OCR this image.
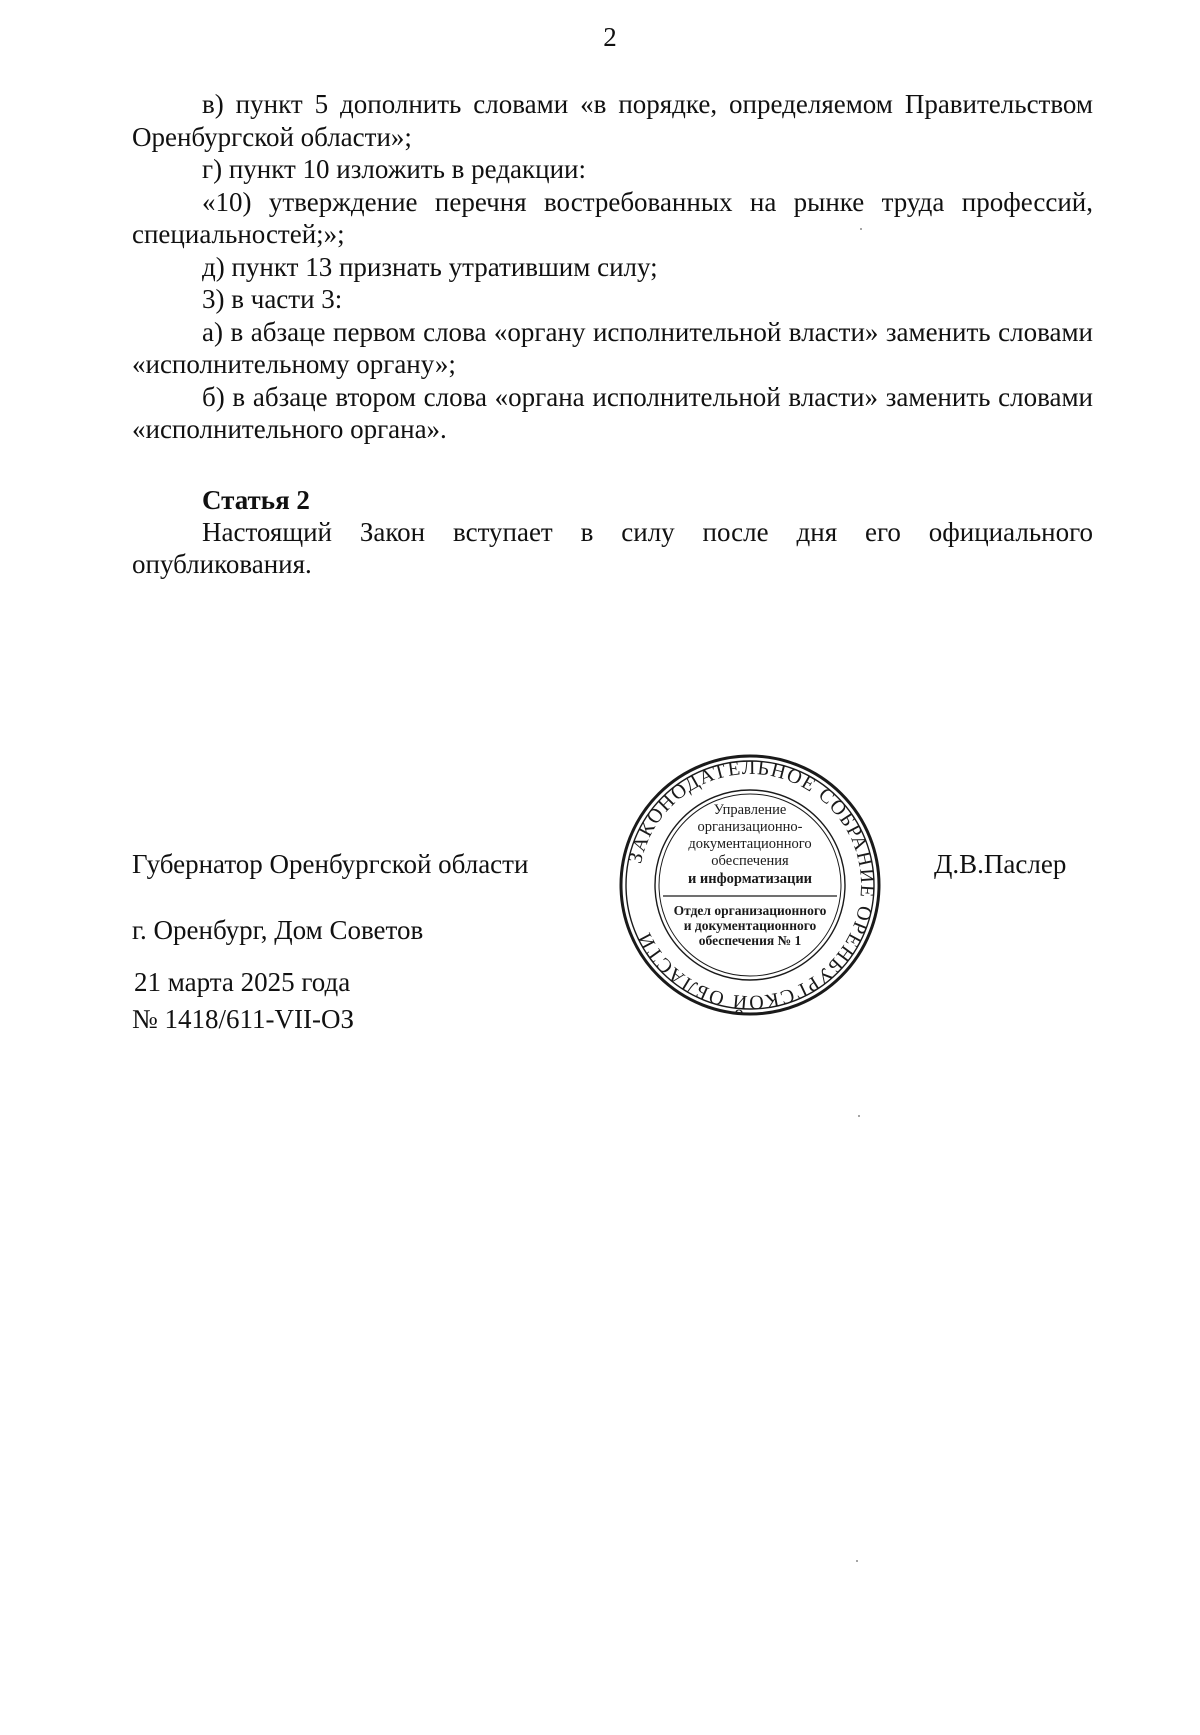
2

в) пункт 5 дополнить словами «в порядке, определяемом Правительством Оренбургской области»;

г) пункт 10 изложить в редакции:

«10) утверждение перечня востребованных на рынке труда профессий, специальностей;»;

д) пункт 13 признать утратившим силу;

3) в части 3:

а) в абзаце первом слова «органу исполнительной власти» заменить словами «исполнительному органу»;

б) в абзаце втором слова «органа исполнительной власти» заменить словами «исполнительного органа».

Статья 2

Настоящий Закон вступает в силу после дня его официального опубликования.

Губернатор Оренбургской области	Д.В.Паслер
г. Оренбург, Дом Советов
21 марта 2025 года
№ 1418/611-VII-ОЗ
ЗАКОНОДАТЕЛЬНОЕ СОБРАНИЕ ОРЕНБУРГСКОЙ ОБЛАСТИ
Управление
организационно-
документационного
обеспечения
и информатизации
Отдел организационного
и документационного
обеспечения № 1
